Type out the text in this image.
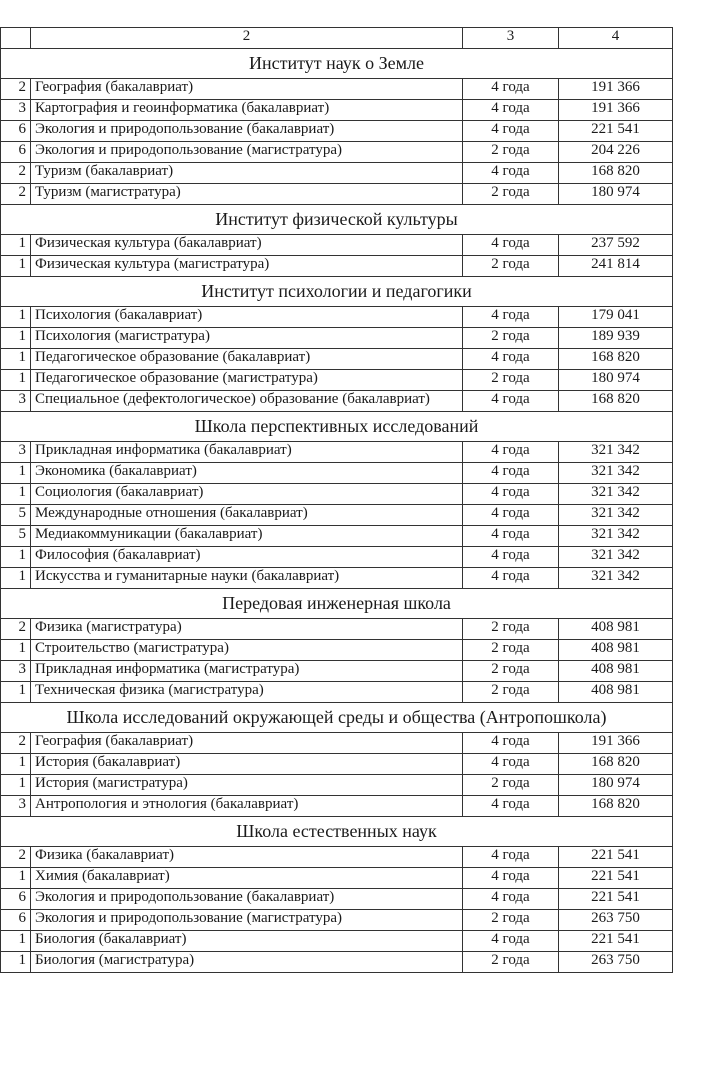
	2	3	4
Институт наук о Земле			
2	География (бакалавриат)	4 года	191 366
3	Картография и геоинформатика (бакалавриат)	4 года	191 366
6	Экология и природопользование (бакалавриат)	4 года	221 541
6	Экология и природопользование (магистратура)	2 года	204 226
2	Туризм (бакалавриат)	4 года	168 820
2	Туризм (магистратура)	2 года	180 974
Институт физической культуры			
1	Физическая культура (бакалавриат)	4 года	237 592
1	Физическая культура (магистратура)	2 года	241 814
Институт психологии и педагогики			
1	Психология (бакалавриат)	4 года	179 041
1	Психология (магистратура)	2 года	189 939
1	Педагогическое образование (бакалавриат)	4 года	168 820
1	Педагогическое образование (магистратура)	2 года	180 974
3	Специальное (дефектологическое) образование (бакалавриат)	4 года	168 820
Школа перспективных исследований			
3	Прикладная информатика (бакалавриат)	4 года	321 342
1	Экономика (бакалавриат)	4 года	321 342
1	Социология (бакалавриат)	4 года	321 342
5	Международные отношения (бакалавриат)	4 года	321 342
5	Медиакоммуникации (бакалавриат)	4 года	321 342
1	Философия (бакалавриат)	4 года	321 342
1	Искусства и гуманитарные науки (бакалавриат)	4 года	321 342
Передовая инженерная школа			
2	Физика (магистратура)	2 года	408 981
1	Строительство (магистратура)	2 года	408 981
3	Прикладная информатика (магистратура)	2 года	408 981
1	Техническая физика (магистратура)	2 года	408 981
Школа исследований окружающей среды и общества (Антропошкола)			
2	География (бакалавриат)	4 года	191 366
1	История (бакалавриат)	4 года	168 820
1	История (магистратура)	2 года	180 974
3	Антропология и этнология (бакалавриат)	4 года	168 820
Школа естественных наук			
2	Физика (бакалавриат)	4 года	221 541
1	Химия (бакалавриат)	4 года	221 541
6	Экология и природопользование (бакалавриат)	4 года	221 541
6	Экология и природопользование (магистратура)	2 года	263 750
1	Биология (бакалавриат)	4 года	221 541
1	Биология (магистратура)	2 года	263 750
